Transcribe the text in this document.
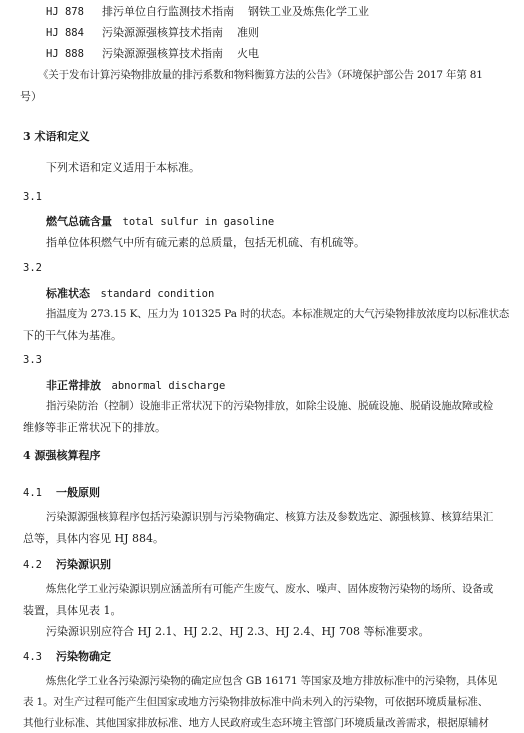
HJ 878 排污单位自行监测技术指南 钢铁工业及炼焦化学工业
HJ 884 污染源源强核算技术指南 准则
HJ 888 污染源源强核算技术指南 火电
《关于发布计算污染物排放量的排污系数和物料衡算方法的公告》（环境保护部公告 2017 年第 81
号）
3 术语和定义
下列术语和定义适用于本标准。
3.1
燃气总硫含量 total sulfur in gasoline
指单位体积燃气中所有硫元素的总质量，包括无机硫、有机硫等。
3.2
标准状态 standard condition
指温度为 273.15 K、压力为 101325 Pa 时的状态。本标准规定的大气污染物排放浓度均以标准状态
下的干气体为基准。
3.3
非正常排放 abnormal discharge
指污染防治（控制）设施非正常状况下的污染物排放，如除尘设施、脱硫设施、脱硝设施故障或检
维修等非正常状况下的排放。
4 源强核算程序
4.1 一般原则
污染源源强核算程序包括污染源识别与污染物确定、核算方法及参数选定、源强核算、核算结果汇
总等，具体内容见 HJ 884。
4.2 污染源识别
炼焦化学工业污染源识别应涵盖所有可能产生废气、废水、噪声、固体废物污染物的场所、设备或
装置，具体见表 1。
污染源识别应符合 HJ 2.1、HJ 2.2、HJ 2.3、HJ 2.4、HJ 708 等标准要求。
4.3 污染物确定
炼焦化学工业各污染源污染物的确定应包含 GB 16171 等国家及地方排放标准中的污染物，具体见
表 1。对生产过程可能产生但国家或地方污染物排放标准中尚未列入的污染物，可依据环境质量标准、
其他行业标准、其他国家排放标准、地方人民政府或生态环境主管部门环境质量改善需求，根据原辅材
